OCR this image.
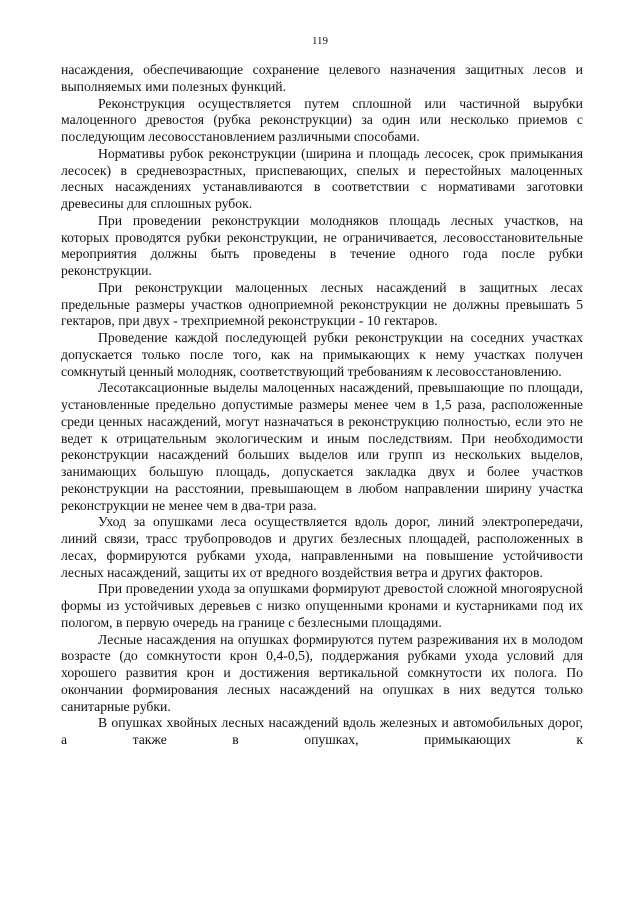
119

насаждения, обеспечивающие сохранение целевого назначения защитных лесов и выполняемых ими полезных функций.

Реконструкция осуществляется путем сплошной или частичной вырубки малоценного древостоя (рубка реконструкции) за один или несколько приемов с последующим лесовосстановлением различными способами.

Нормативы рубок реконструкции (ширина и площадь лесосек, срок примыкания лесосек) в средневозрастных, приспевающих, спелых и перестойных малоценных лесных насаждениях устанавливаются в соответствии с нормативами заготовки древесины для сплошных рубок.

При проведении реконструкции молодняков площадь лесных участков, на которых проводятся рубки реконструкции, не ограничивается, лесовосстановительные мероприятия должны быть проведены в течение одного года после рубки реконструкции.

При реконструкции малоценных лесных насаждений в защитных лесах предельные размеры участков одноприемной реконструкции не должны превышать 5 гектаров, при двух - трехприемной реконструкции - 10 гектаров.

Проведение каждой последующей рубки реконструкции на соседних участках допускается только после того, как на примыкающих к нему участках получен сомкнутый ценный молодняк, соответствующий требованиям к лесовосстановлению.

Лесотаксационные выделы малоценных насаждений, превышающие по площади, установленные предельно допустимые размеры менее чем в 1,5 раза, расположенные среди ценных насаждений, могут назначаться в реконструкцию полностью, если это не ведет к отрицательным экологическим и иным последствиям. При необходимости реконструкции насаждений больших выделов или групп из нескольких выделов, занимающих большую площадь, допускается закладка двух и более участков реконструкции на расстоянии, превышающем в любом направлении ширину участка реконструкции не менее чем в два-три раза.

Уход за опушками леса осуществляется вдоль дорог, линий электропередачи, линий связи, трасс трубопроводов и других безлесных площадей, расположенных в лесах, формируются рубками ухода, направленными на повышение устойчивости лесных насаждений, защиты их от вредного воздействия ветра и других факторов.

При проведении ухода за опушками формируют древостой сложной многоярусной формы из устойчивых деревьев с низко опущенными кронами и кустарниками под их пологом, в первую очередь на границе с безлесными площадями.

Лесные насаждения на опушках формируются путем разреживания их в молодом возрасте (до сомкнутости крон 0,4-0,5), поддержания рубками ухода условий для хорошего развития крон и достижения вертикальной сомкнутости их полога. По окончании формирования лесных насаждений на опушках в них ведутся только санитарные рубки.

В опушках хвойных лесных насаждений вдоль железных и автомобильных дорог, а также в опушках, примыкающих к
